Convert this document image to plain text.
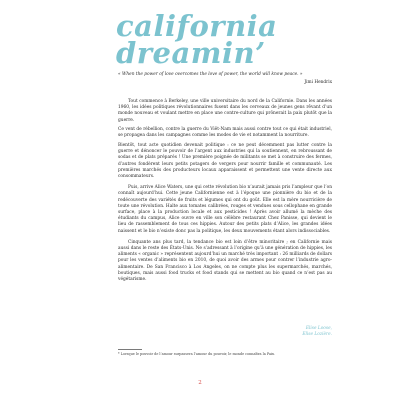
california
dreamin’

« When the power of love overcomes the love of power, the world will know peace. »

Jimi Hendrix

Tout commence à Berkeley, une ville universitaire du nord de la Californie. Dans les années 1960, les idées politiques révolutionnaires fusent dans les cerveaux de jeunes gens rêvant d’un monde nouveau et voulant mettre en place une contre-culture qui prônerait la paix plutôt que la guerre.

Ce vent de rébellion, contre la guerre du Viêt-Nam mais aussi contre tout ce qui était industriel, se propagea dans les campagnes comme les modes de vie et notamment la nourriture.

Bientôt, tout acte quotidien devenait politique : ce ne peut décemment pas lutter contre la guerre et dénoncer le pouvoir de l’argent aux industries qui la soutiennent, en rebroussant de sodas et de plats préparés ! Une première poignée de militants se met à construire des fermes, d’autres fondèrent leurs petits potagers de vergers pour nourrir famille et communauté. Les premières marchés des producteurs locaux apparaissent et permettent une vente directe aux consommateurs.

Puis, arrive Alice Waters, une qui cette révolution bio n’aurait jamais pris l’ampleur que l’on connaît aujourd’hui. Cette jeune Californienne est à l’époque une pionnière du bio et de la redécouverte des variétés de fruits et légumes qui ont du goût. Elle est la mère nourricière de toute une révolution. Halte aux tomates calibrées, rouges et vendues sous cellophane en grande surface, place à la production locale et aux pesticides ! Après avoir allumé la mèche des étudiants du campus, Alice ouvre en ville son célèbre restaurant Chez Panisse, qui devient le lieu de rassemblement de tous ces hippies. Autour des petits plats d’Alice, les grandes idées naissent et le bio n’existe donc pas la politique, les deux mouvements étant alors indissociables.

Cinquante ans plus tard, la tendance bio est loin d’être minoritaire ; en Californie mais aussi dans le reste des États-Unis. Ne s’adressant à l’origine qu’à une génération de hippies, les aliments « organic » représentent aujourd’hui un marché très important : 26 milliards de dollars pour les ventes d’aliments bio en 2010, de quoi avoir des armes pour contrer l’industrie agro-alimentaire. De San Francisco à Los Angeles, on ne compte plus les supermarchés, marchés, boutiques, mais aussi food trucks et food stands qui se mettent au bio quand ce n’est pas au végétarisme.

Elise Loose,
Elise Lozière.

* Lorsque le pouvoir de l’amour surpassera l’amour du pouvoir, le monde connaîtra la Paix.

2
